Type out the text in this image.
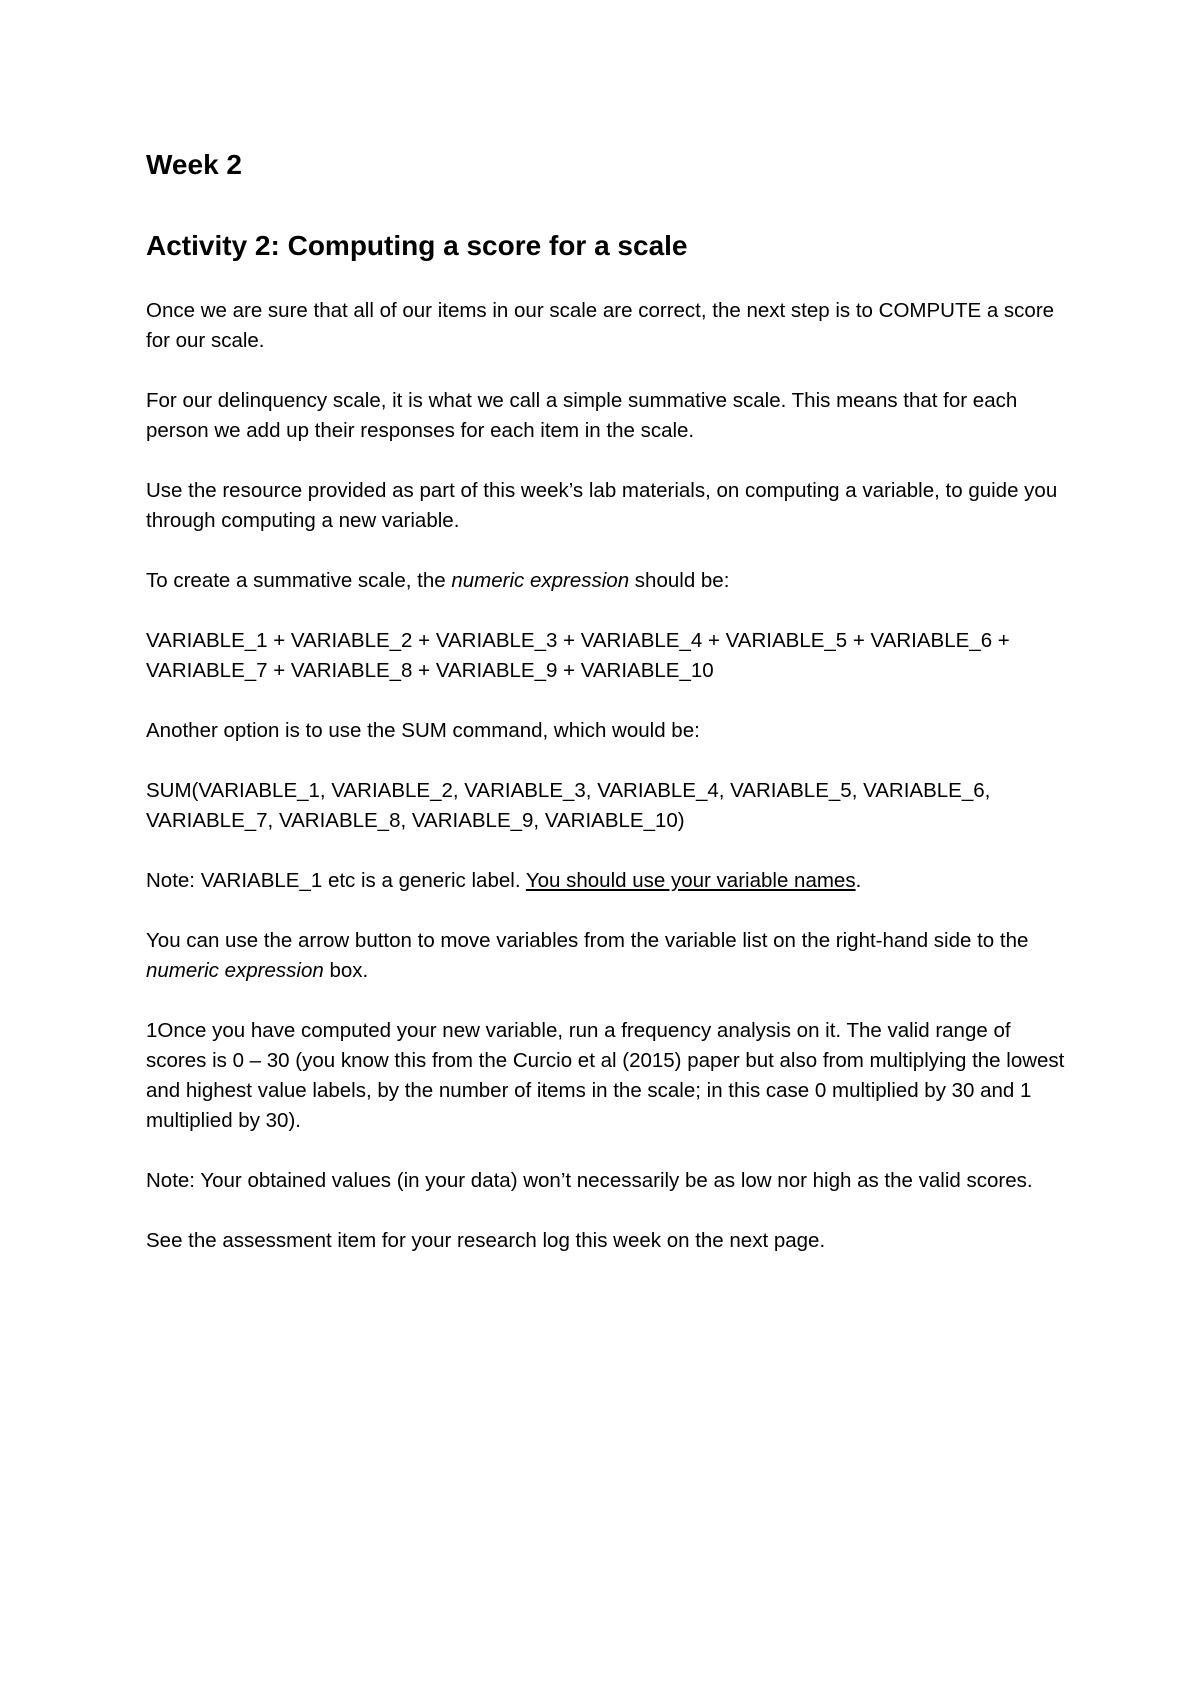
Week 2
Activity 2: Computing a score for a scale

Once we are sure that all of our items in our scale are correct, the next step is to COMPUTE a score for our scale.

For our delinquency scale, it is what we call a simple summative scale. This means that for each person we add up their responses for each item in the scale.

Use the resource provided as part of this week’s lab materials, on computing a variable, to guide you through computing a new variable.

To create a summative scale, the numeric expression should be:

VARIABLE_1 + VARIABLE_2 + VARIABLE_3 + VARIABLE_4 + VARIABLE_5 + VARIABLE_6 +
VARIABLE_7 + VARIABLE_8 + VARIABLE_9 + VARIABLE_10

Another option is to use the SUM command, which would be:

SUM(VARIABLE_1, VARIABLE_2, VARIABLE_3, VARIABLE_4, VARIABLE_5, VARIABLE_6,
VARIABLE_7, VARIABLE_8, VARIABLE_9, VARIABLE_10)

Note: VARIABLE_1 etc is a generic label. You should use your variable names.

You can use the arrow button to move variables from the variable list on the right-hand side to the numeric expression box.

1Once you have computed your new variable, run a frequency analysis on it. The valid range of scores is 0 – 30 (you know this from the Curcio et al (2015) paper but also from multiplying the lowest and highest value labels, by the number of items in the scale; in this case 0 multiplied by 30 and 1 multiplied by 30).

Note: Your obtained values (in your data) won’t necessarily be as low nor high as the valid scores.

See the assessment item for your research log this week on the next page.
